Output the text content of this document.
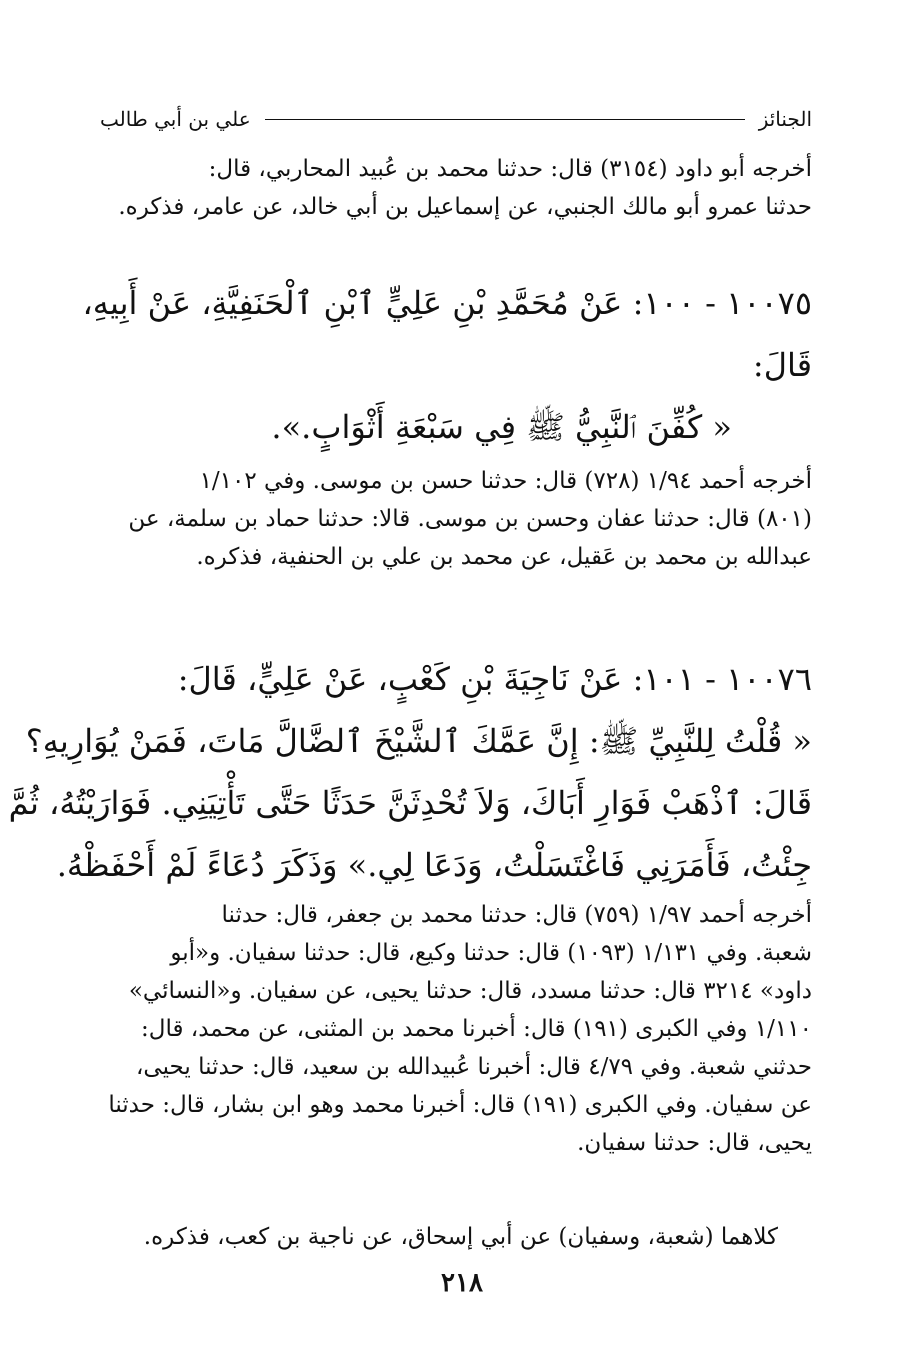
الجنائز
علي بن أبي طالب
أخرجه أبو داود (٣١٥٤) قال: حدثنا محمد بن عُبيد المحاربي، قال:
حدثنا عمرو أبو مالك الجنبي، عن إسماعيل بن أبي خالد، عن عامر، فذكره.
١٠٠٧٥ - ١٠٠: عَنْ مُحَمَّدِ بْنِ عَلِيٍّ ٱبْنِ ٱلْحَنَفِيَّةِ، عَنْ أَبِيهِ،
قَالَ:
« كُفِّنَ ٱلنَّبِيُّ ﷺ فِي سَبْعَةِ أَثْوَابٍ.».
أخرجه أحمد ١/٩٤ (٧٢٨) قال: حدثنا حسن بن موسى. وفي ١/١٠٢
(٨٠١) قال: حدثنا عفان وحسن بن موسى. قالا: حدثنا حماد بن سلمة، عن
عبدالله بن محمد بن عَقيل، عن محمد بن علي بن الحنفية، فذكره.
١٠٠٧٦ - ١٠١: عَنْ نَاجِيَةَ بْنِ كَعْبٍ، عَنْ عَلِيٍّ، قَالَ:
« قُلْتُ لِلنَّبِيِّ ﷺ: إِنَّ عَمَّكَ ٱلشَّيْخَ ٱلضَّالَّ مَاتَ، فَمَنْ يُوَارِيهِ؟
قَالَ: ٱذْهَبْ فَوَارِ أَبَاكَ، وَلاَ تُحْدِثَنَّ حَدَثًا حَتَّى تَأْتِيَنِي. فَوَارَيْتُهُ، ثُمَّ
جِئْتُ، فَأَمَرَنِي فَاغْتَسَلْتُ، وَدَعَا لِي.» وَذَكَرَ دُعَاءً لَمْ أَحْفَظْهُ.
أخرجه أحمد ١/٩٧ (٧٥٩) قال: حدثنا محمد بن جعفر، قال: حدثنا
شعبة. وفي ١/١٣١ (١٠٩٣) قال: حدثنا وكيع، قال: حدثنا سفيان. و«أبو
داود» ٣٢١٤ قال: حدثنا مسدد، قال: حدثنا يحيى، عن سفيان. و«النسائي»
١/١١٠ وفي الكبرى (١٩١) قال: أخبرنا محمد بن المثنى، عن محمد، قال:
حدثني شعبة. وفي ٤/٧٩ قال: أخبرنا عُبيدالله بن سعيد، قال: حدثنا يحيى،
عن سفيان. وفي الكبرى (١٩١) قال: أخبرنا محمد وهو ابن بشار، قال: حدثنا
يحيى، قال: حدثنا سفيان.
كلاهما (شعبة، وسفيان) عن أبي إسحاق، عن ناجية بن كعب، فذكره.
٢١٨
